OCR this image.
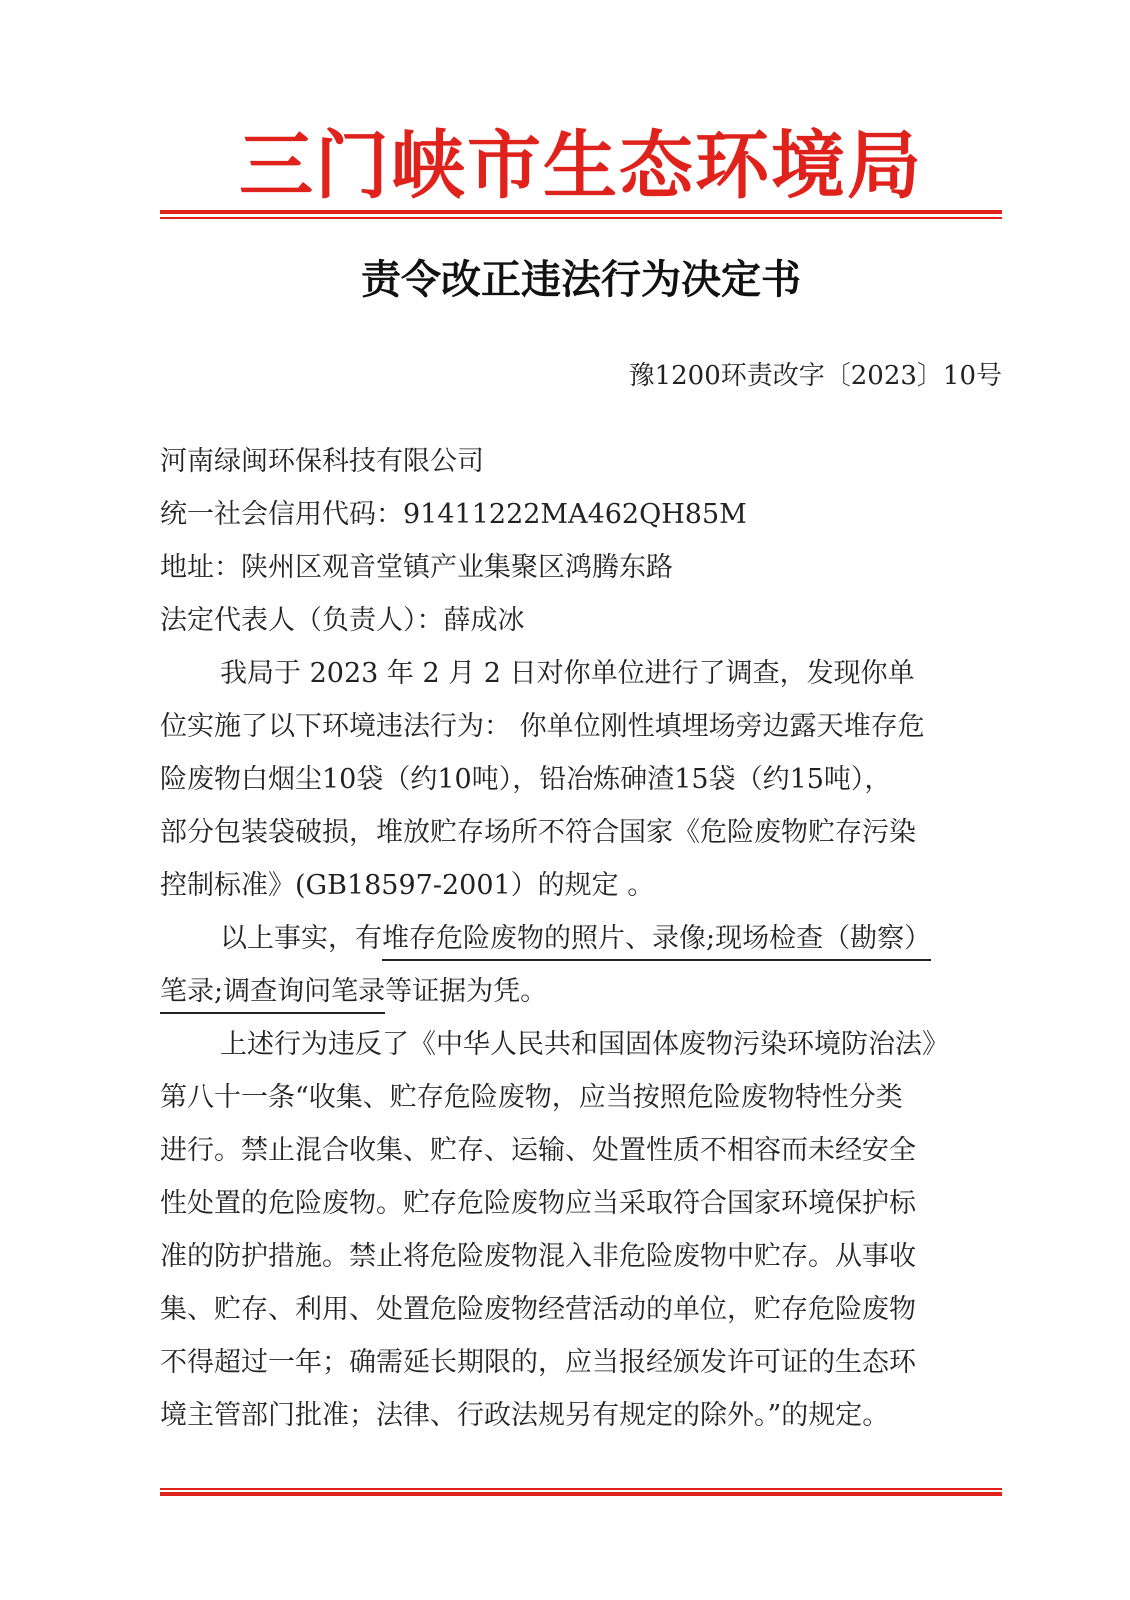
三门峡市生态环境局
责令改正违法行为决定书
豫1200环责改字〔2023〕10号
河南绿闽环保科技有限公司
统一社会信用代码：91411222MA462QH85M
地址：陕州区观音堂镇产业集聚区鸿腾东路
法定代表人（负责人）：薛成冰
我局于 2023 年 2 月 2 日对你单位进行了调查，发现你单
位实施了以下环境违法行为： 你单位刚性填埋场旁边露天堆存危
险废物白烟尘10袋（约10吨），铅冶炼砷渣15袋（约15吨），
部分包装袋破损，堆放贮存场所不符合国家《危险废物贮存污染
控制标准》(GB18597-2001）的规定 。
以上事实，有堆存危险废物的照片、录像;现场检查（勘察）
笔录;调查询问笔录等证据为凭。
上述行为违反了《中华人民共和国固体废物污染环境防治法》
第八十一条“收集、贮存危险废物，应当按照危险废物特性分类
进行。禁止混合收集、贮存、运输、处置性质不相容而未经安全
性处置的危险废物。贮存危险废物应当采取符合国家环境保护标
准的防护措施。禁止将危险废物混入非危险废物中贮存。从事收
集、贮存、利用、处置危险废物经营活动的单位，贮存危险废物
不得超过一年；确需延长期限的，应当报经颁发许可证的生态环
境主管部门批准；法律、行政法规另有规定的除外。”的规定。
